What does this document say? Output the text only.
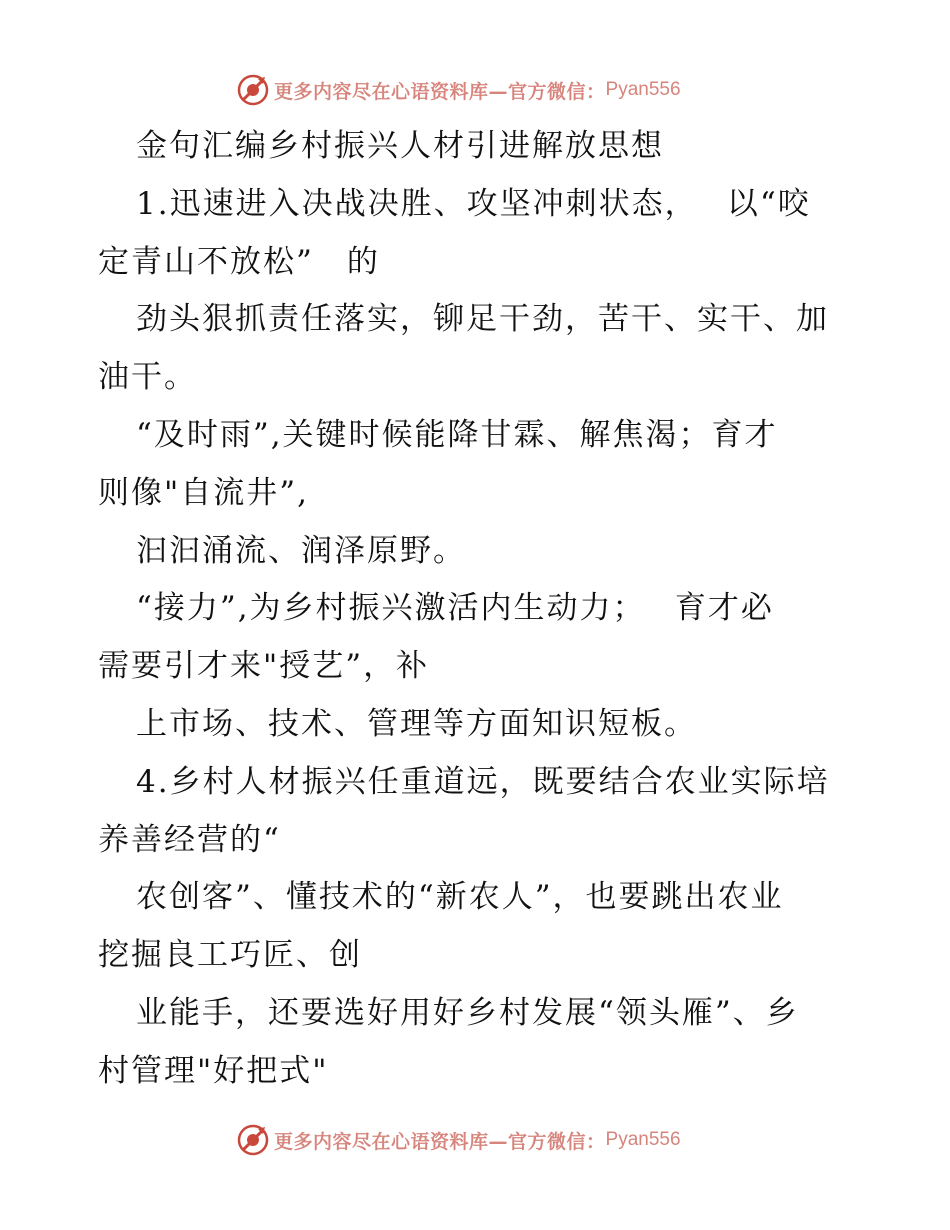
更多内容尽在心语资料库—官方微信： Pyan556
金句汇编乡村振兴人材引进解放思想
1.迅速进入决战决胜、攻坚冲刺状态，　 以“咬
定青山不放松”　的
劲头狠抓责任落实，铆足干劲，苦干、实干、加
油干。
“及时雨”,关键时候能降甘霖、解焦渴；育才
则像"自流井”,
汩汩涌流、润泽原野。
“接力”,为乡村振兴激活内生动力；　 育才必
需要引才来"授艺”，补
上市场、技术、管理等方面知识短板。
4.乡村人材振兴任重道远，既要结合农业实际培
养善经营的“
农创客”、懂技术的“新农人”，也要跳出农业
挖掘良工巧匠、创
业能手，还要选好用好乡村发展“领头雁”、乡
村管理"好把式"
更多内容尽在心语资料库—官方微信： Pyan556
